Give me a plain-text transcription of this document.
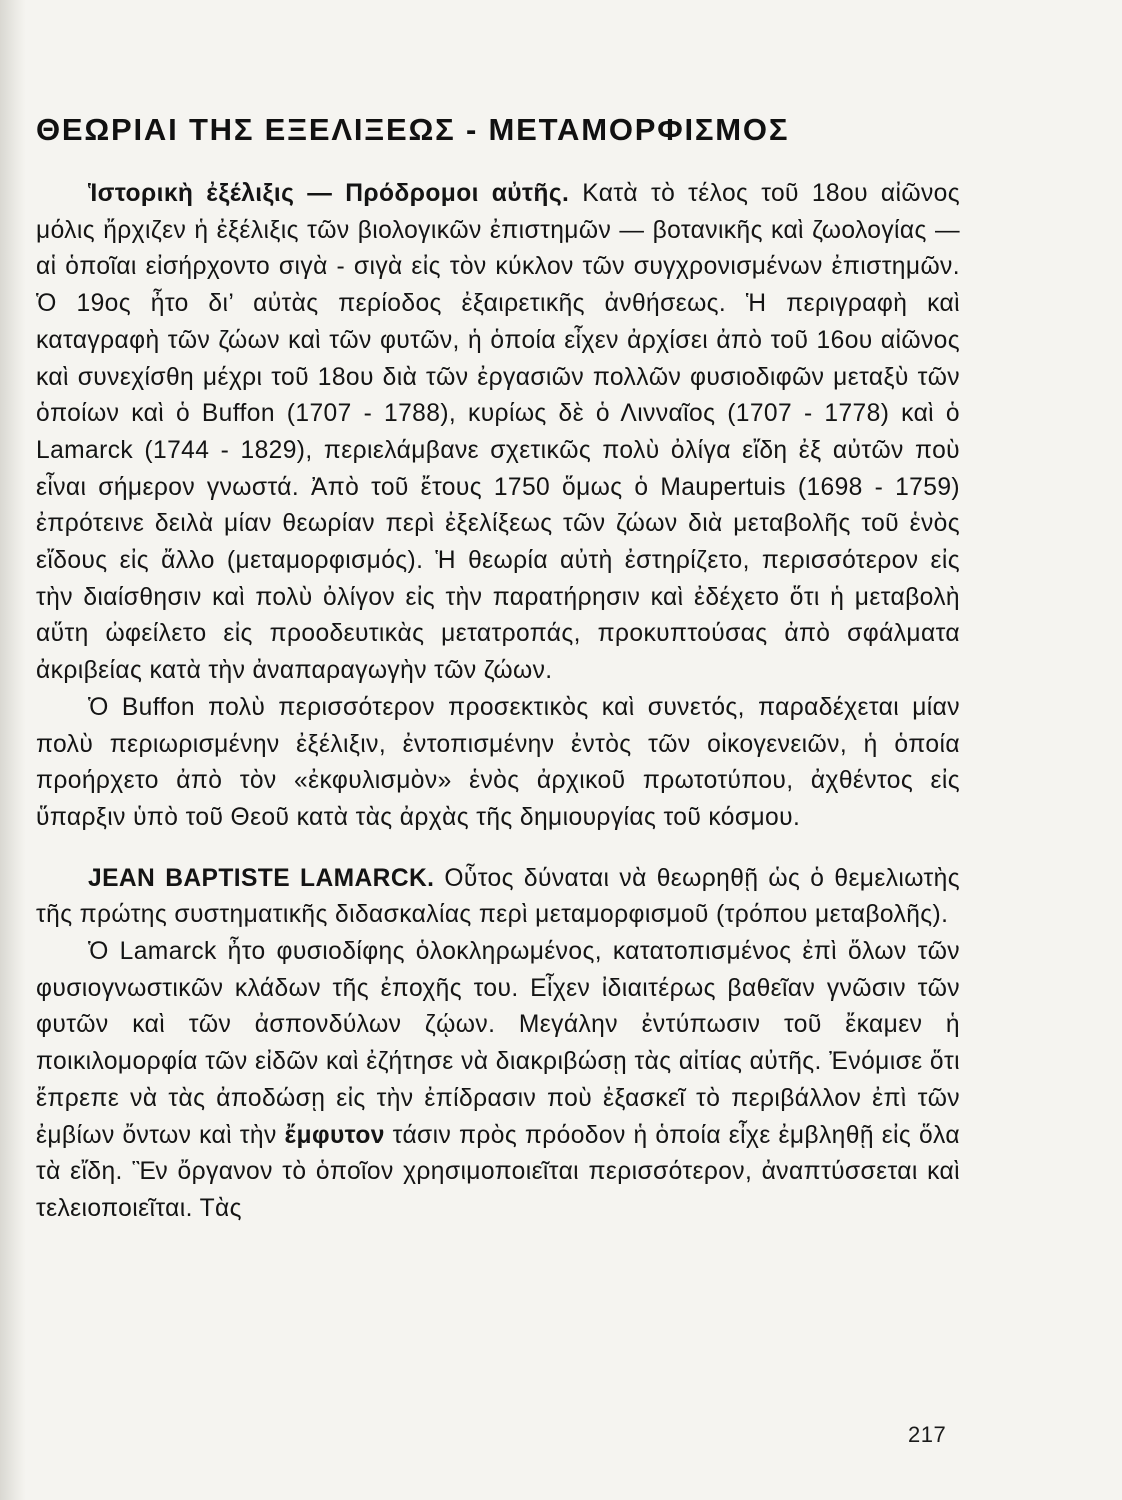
ΘΕΩΡΙΑΙ ΤΗΣ ΕΞΕΛΙΞΕΩΣ - ΜΕΤΑΜΟΡΦΙΣΜΟΣ

Ἱστορικὴ ἐξέλιξις — Πρόδρομοι αὐτῆς. Κατὰ τὸ τέλος τοῦ 18ου αἰῶνος μόλις ἤρχιζεν ἡ ἐξέλιξις τῶν βιολογικῶν ἐπιστημῶν — βοτανικῆς καὶ ζωολογίας — αἱ ὁποῖαι εἰσήρχοντο σιγὰ - σιγὰ εἰς τὸν κύκλον τῶν συγχρονισμένων ἐπιστημῶν. Ὁ 19ος ἦτο δι’ αὐτὰς περίοδος ἐξαιρετικῆς ἀνθήσεως. Ἡ περιγραφὴ καὶ καταγραφὴ τῶν ζώων καὶ τῶν φυτῶν, ἡ ὁποία εἶχεν ἀρχίσει ἀπὸ τοῦ 16ου αἰῶνος καὶ συνεχίσθη μέχρι τοῦ 18ου διὰ τῶν ἐργασιῶν πολλῶν φυσιοδιφῶν μεταξὺ τῶν ὁποίων καὶ ὁ Buffon (1707 - 1788), κυρίως δὲ ὁ Λινναῖος (1707 - 1778) καὶ ὁ Lamarck (1744 - 1829), περιελάμβανε σχετικῶς πολὺ ὀλίγα εἴδη ἐξ αὐτῶν ποὺ εἶναι σήμερον γνωστά. Ἀπὸ τοῦ ἔτους 1750 ὅμως ὁ Maupertuis (1698 - 1759) ἐπρότεινε δειλὰ μίαν θεωρίαν περὶ ἐξελίξεως τῶν ζώων διὰ μεταβολῆς τοῦ ἑνὸς εἴδους εἰς ἄλλο (μεταμορφισμός). Ἡ θεωρία αὐτὴ ἐστηρίζετο, περισσότερον εἰς τὴν διαίσθησιν καὶ πολὺ ὀλίγον εἰς τὴν παρατήρησιν καὶ ἐδέχετο ὅτι ἡ μεταβολὴ αὕτη ὠφείλετο εἰς προοδευτικὰς μετατροπάς, προκυπτούσας ἀπὸ σφάλματα ἀκριβείας κατὰ τὴν ἀναπαραγωγὴν τῶν ζώων.

Ὁ Buffon πολὺ περισσότερον προσεκτικὸς καὶ συνετός, παραδέχεται μίαν πολὺ περιωρισμένην ἐξέλιξιν, ἐντοπισμένην ἐντὸς τῶν οἰκογενειῶν, ἡ ὁποία προήρχετο ἀπὸ τὸν «ἐκφυλισμὸν» ἑνὸς ἀρχικοῦ πρωτοτύπου, ἀχθέντος εἰς ὕπαρξιν ὑπὸ τοῦ Θεοῦ κατὰ τὰς ἀρχὰς τῆς δημιουργίας τοῦ κόσμου.

JEAN BAPTISTE LAMARCK. Οὗτος δύναται νὰ θεωρηθῇ ὡς ὁ θεμελιωτὴς τῆς πρώτης συστηματικῆς διδασκαλίας περὶ μεταμορφισμοῦ (τρόπου μεταβολῆς).

Ὁ Lamarck ἦτο φυσιοδίφης ὁλοκληρωμένος, κατατοπισμένος ἐπὶ ὅλων τῶν φυσιογνωστικῶν κλάδων τῆς ἐποχῆς του. Εἶχεν ἰδιαιτέρως βαθεῖαν γνῶσιν τῶν φυτῶν καὶ τῶν ἀσπονδύλων ζῴων. Μεγάλην ἐντύπωσιν τοῦ ἔκαμεν ἡ ποικιλομορφία τῶν εἰδῶν καὶ ἐζήτησε νὰ διακριβώσῃ τὰς αἰτίας αὐτῆς. Ἐνόμισε ὅτι ἔπρεπε νὰ τὰς ἀποδώσῃ εἰς τὴν ἐπίδρασιν ποὺ ἐξασκεῖ τὸ περιβάλλον ἐπὶ τῶν ἐμβίων ὄντων καὶ τὴν ἔμφυτον τάσιν πρὸς πρόοδον ἡ ὁποία εἶχε ἐμβληθῇ εἰς ὅλα τὰ εἴδη. Ἓν ὄργανον τὸ ὁποῖον χρησιμοποιεῖται περισσότερον, ἀναπτύσσεται καὶ τελειοποιεῖται. Τὰς

217
